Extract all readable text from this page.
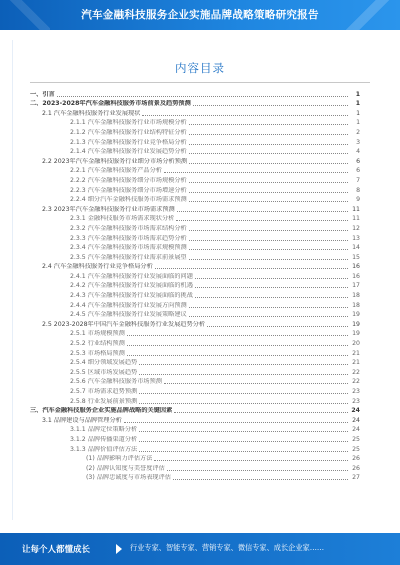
汽车金融科技服务企业实施品牌战略策略研究报告
内容目录
一、引言	1
二、2023-2028年汽车金融科技服务市场前景及趋势预测	1
2.1 汽车金融科技服务行业发展现状	1
2.1.1 汽车金融科技服务行业市场规模分析	1
2.1.2 汽车金融科技服务行业结构特征分析	2
2.1.3 汽车金融科技服务行业竞争格局分析	3
2.1.4 汽车金融科技服务行业发展趋势分析	4
2.2 2023年汽车金融科技服务行业细分市场分析预测	6
2.2.1 汽车金融科技服务产品分析	6
2.2.2 汽车金融科技服务细分市场规模分析	7
2.2.3 汽车金融科技服务细分市场增速分析	8
2.2.4 细分汽车金融科技服务市场需求预测	9
2.3 2023年汽车金融科技服务行业市场需求预测	11
2.3.1 金融科技服务市场需求现状分析	11
2.3.2 汽车金融科技服务市场需求结构分析	12
2.3.3 汽车金融科技服务市场需求趋势分析	13
2.3.4 汽车金融科技服务市场需求规模预测	14
2.3.5 汽车金融科技服务行业需求前景展望	15
2.4 汽车金融科技服务行业竞争格局分析	16
2.4.1 汽车金融科技服务行业发展面临的问题	16
2.4.2 汽车金融科技服务行业发展面临的机遇	17
2.4.3 汽车金融科技服务行业发展面临的挑战	18
2.4.4 汽车金融科技服务行业发展方向预测	18
2.4.5 汽车金融科技服务行业发展策略建议	19
2.5 2023-2028年中国汽车金融科技服务行业发展趋势分析	19
2.5.1 市场规模预测	19
2.5.2 行业结构预测	20
2.5.3 市场格局预测	21
2.5.4 细分领域发展趋势	21
2.5.5 区域市场发展趋势	22
2.5.6 汽车金融科技服务市场预测	22
2.5.7 市场需求趋势预测	23
2.5.8 行业发展前景预测	23
三、汽车金融科技服务企业实施品牌战略的关键因素	24
3.1 品牌建设与品牌管理分析	24
3.1.1 品牌定位策略分析	24
3.1.2 品牌传播渠道分析	25
3.1.3 品牌价值评估方法	25
(1) 品牌影响力评估方法	26
(2) 品牌认知度与美誉度评估	26
(3) 品牌忠诚度与市场表现评估	27
让每个人都懂成长	行业专家、智能专家、营销专家、微信专家、成长企业家……
